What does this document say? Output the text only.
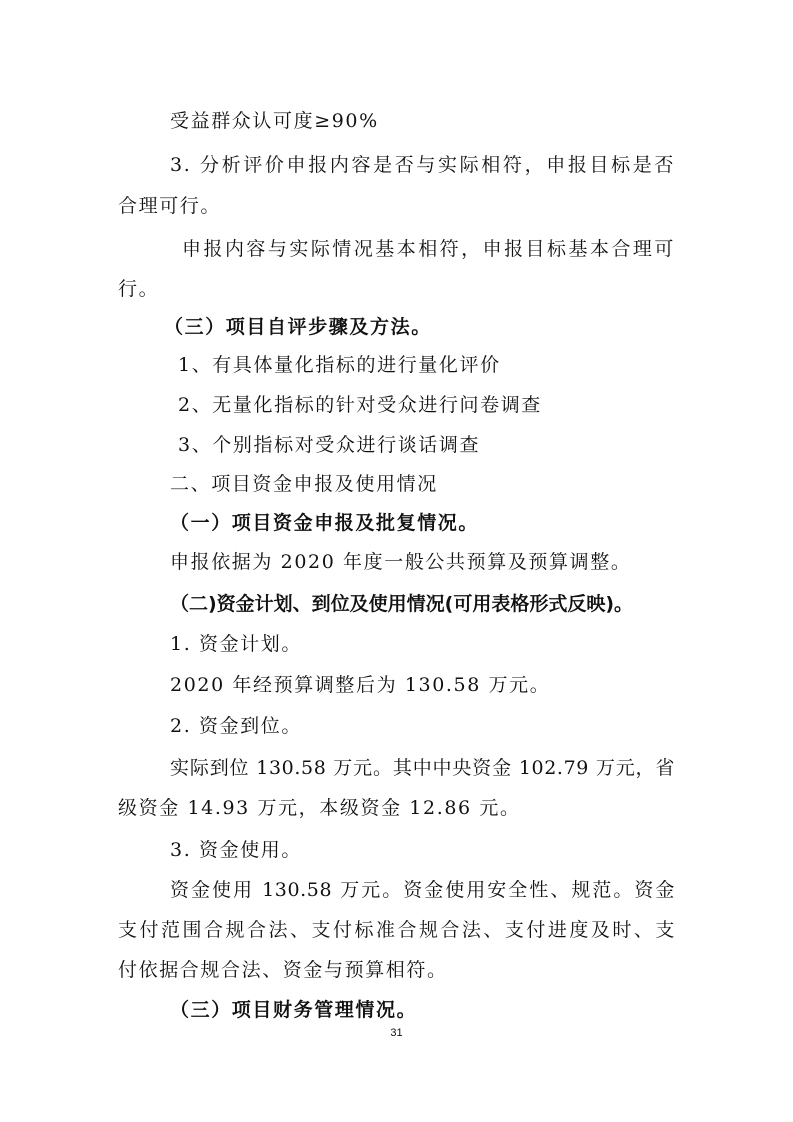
受益群众认可度≥90%
3. 分析评价申报内容是否与实际相符，申报目标是否
合理可行。
申报内容与实际情况基本相符，申报目标基本合理可
行。
（三）项目自评步骤及方法。
1、有具体量化指标的进行量化评价
2、无量化指标的针对受众进行问卷调查
3、个别指标对受众进行谈话调查
二、项目资金申报及使用情况
（一）项目资金申报及批复情况。
申报依据为 2020 年度一般公共预算及预算调整。
（二)资金计划、到位及使用情况(可用表格形式反映)。
1. 资金计划。
2020 年经预算调整后为 130.58 万元。
2. 资金到位。
实际到位 130.58 万元。其中中央资金 102.79 万元，省
级资金 14.93 万元，本级资金 12.86 元。
3. 资金使用。
资金使用 130.58 万元。资金使用安全性、规范。资金
支付范围合规合法、支付标准合规合法、支付进度及时、支
付依据合规合法、资金与预算相符。
（三）项目财务管理情况。
31
